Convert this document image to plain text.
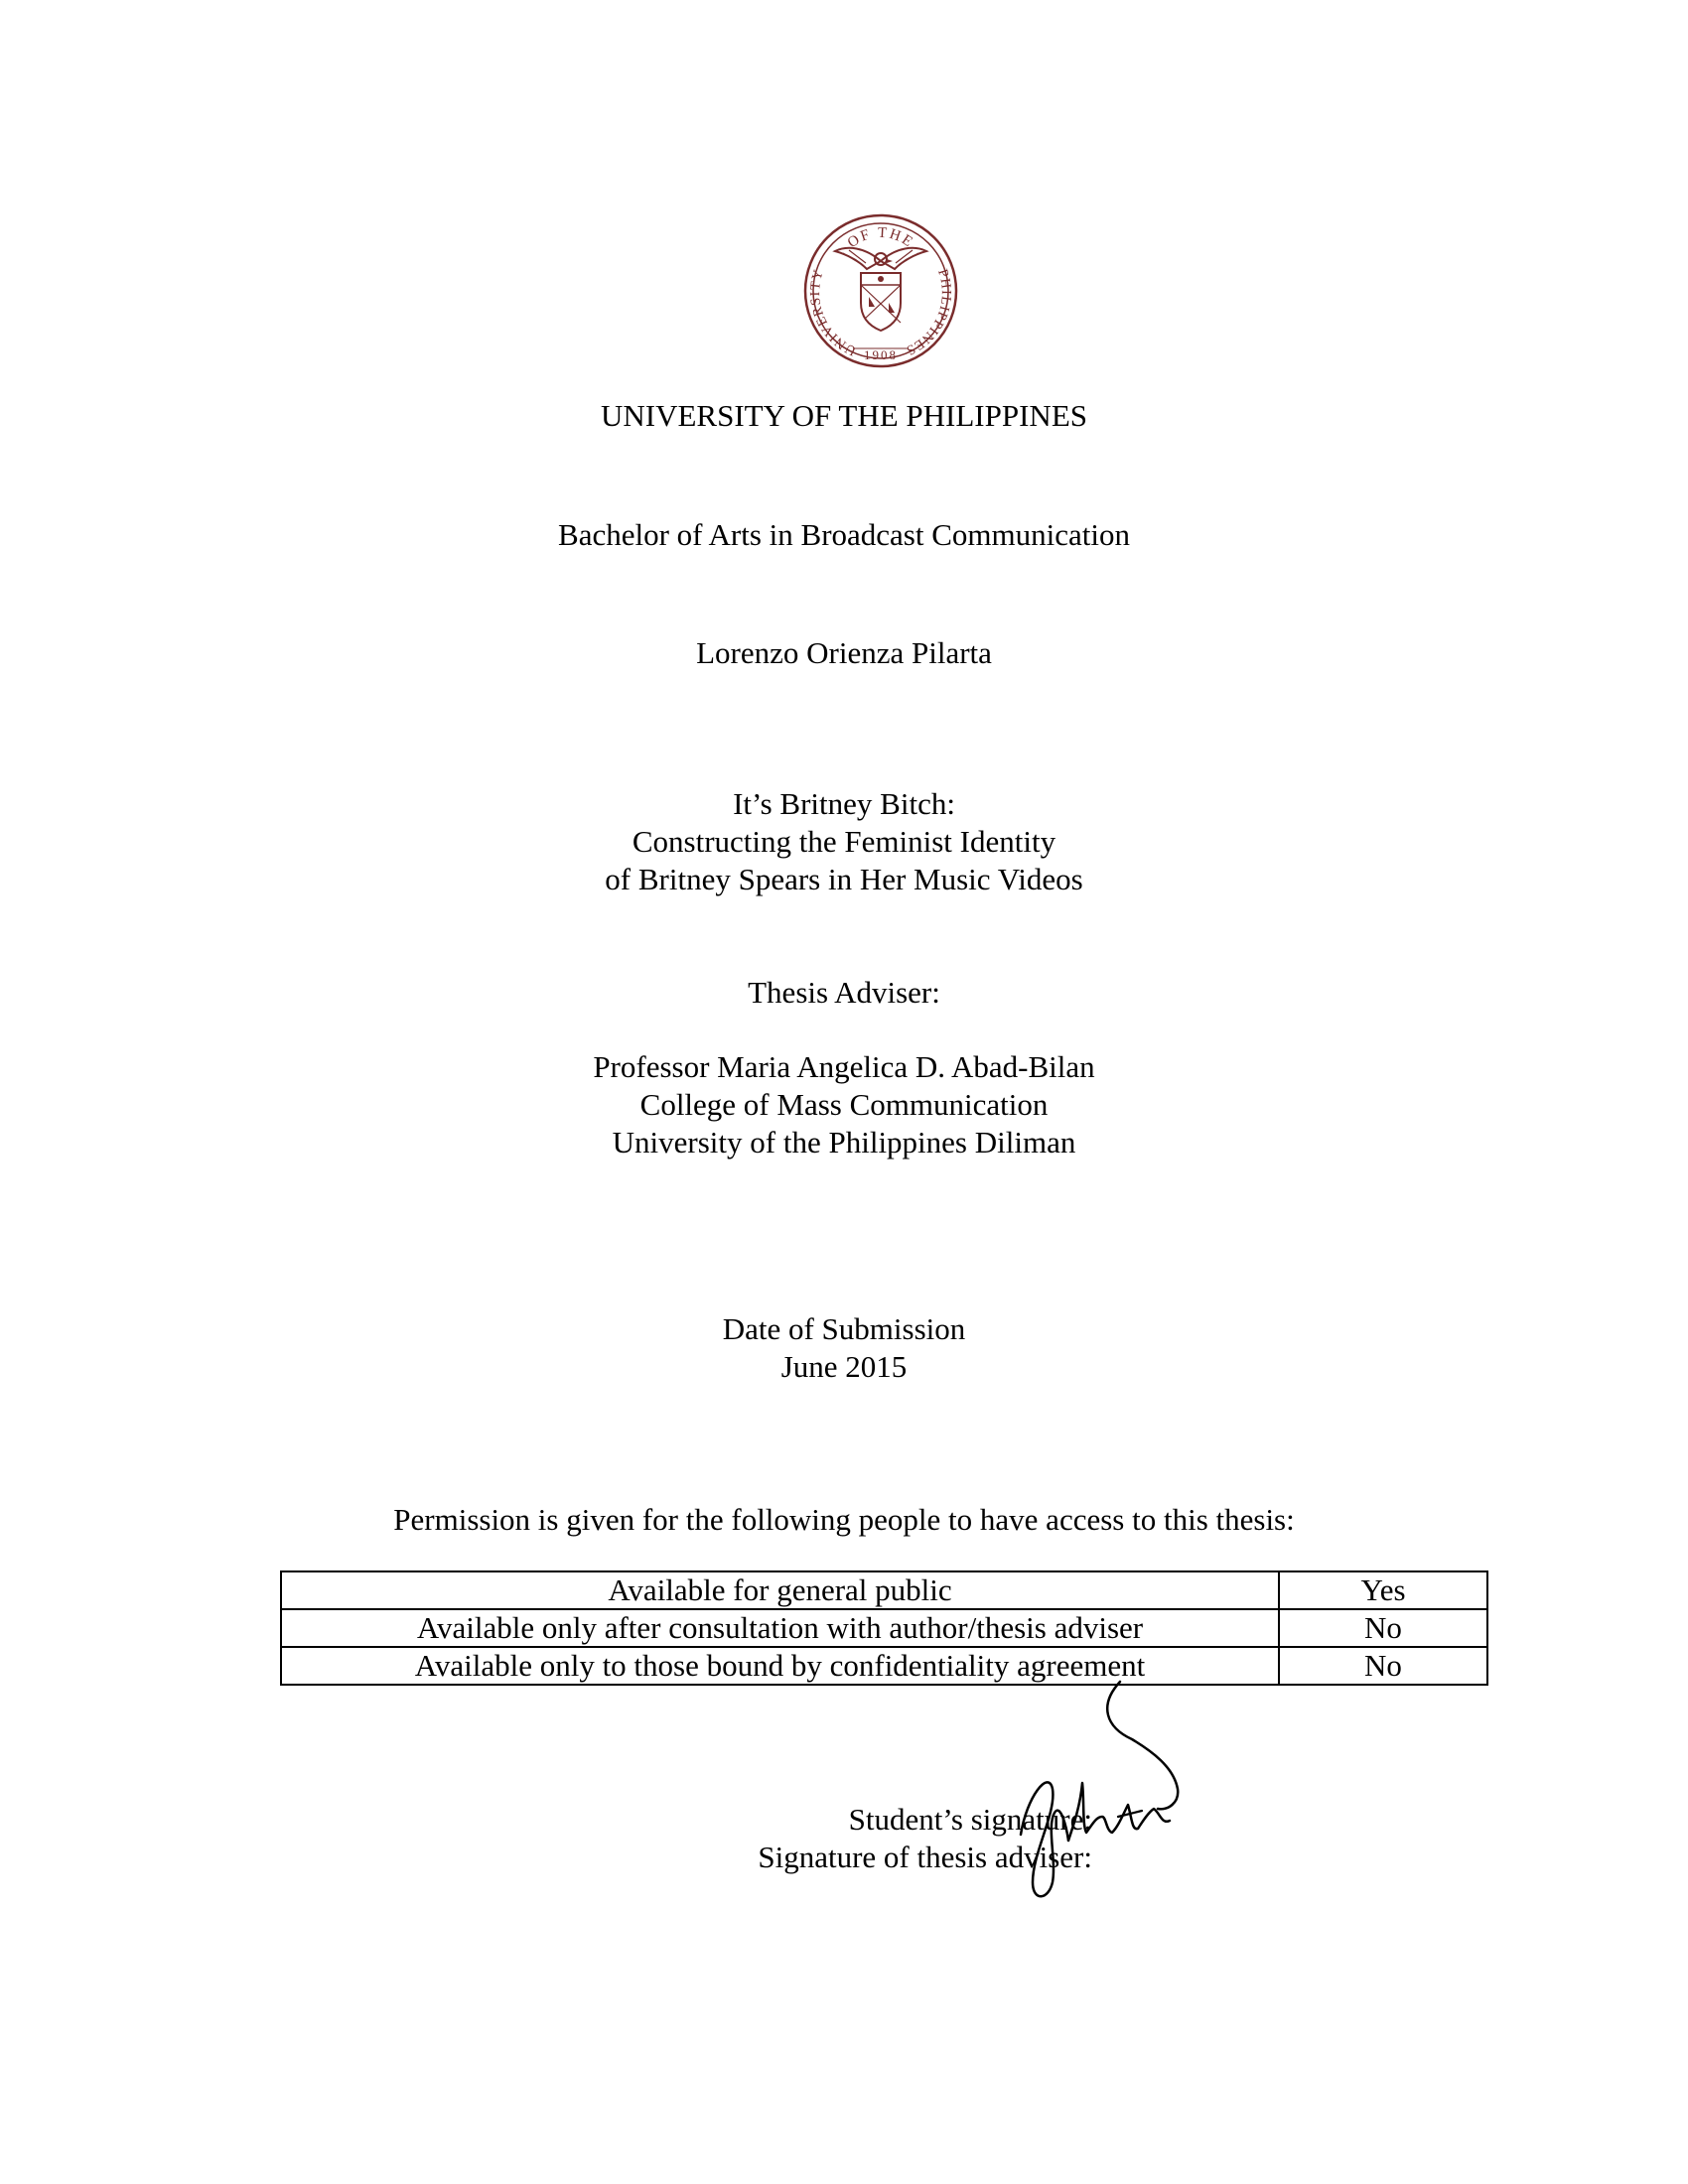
OF THE
UNIVERSITY	PHILIPPINES
1908
UNIVERSITY OF THE PHILIPPINES
Bachelor of Arts in Broadcast Communication
Lorenzo Orienza Pilarta
It’s Britney Bitch:
Constructing the Feminist Identity
of Britney Spears in Her Music Videos
Thesis Adviser:
Professor Maria Angelica D. Abad-Bilan
College of Mass Communication
University of the Philippines Diliman
Date of Submission
June 2015
Permission is given for the following people to have access to this thesis:
Available for general public	Yes
Available only after consultation with author/thesis adviser	No
Available only to those bound by confidentiality agreement	No
Student’s signature:
Signature of thesis adviser:
